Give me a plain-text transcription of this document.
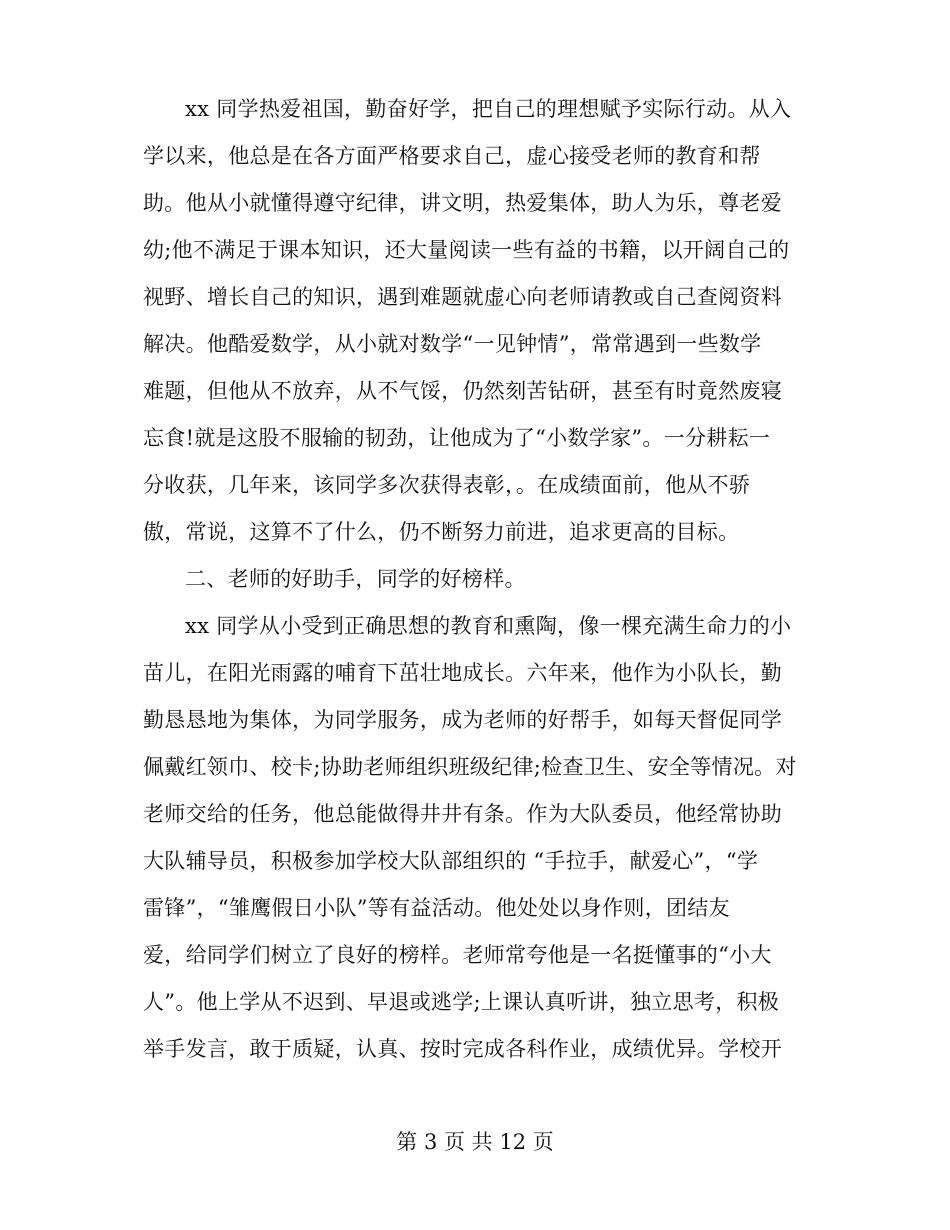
xx 同学热爱祖国，勤奋好学，把自己的理想赋予实际行动。从入
学以来，他总是在各方面严格要求自己，虚心接受老师的教育和帮
助。他从小就懂得遵守纪律，讲文明，热爱集体，助人为乐，尊老爱
幼;他不满足于课本知识，还大量阅读一些有益的书籍，以开阔自己的
视野、增长自己的知识，遇到难题就虚心向老师请教或自己查阅资料
解决。他酷爱数学，从小就对数学“一见钟情”，常常遇到一些数学
难题，但他从不放弃，从不气馁，仍然刻苦钻研，甚至有时竟然废寝
忘食!就是这股不服输的韧劲，让他成为了“小数学家”。一分耕耘一
分收获，几年来，该同学多次获得表彰，。在成绩面前，他从不骄
傲，常说，这算不了什么，仍不断努力前进，追求更高的目标。
二、老师的好助手，同学的好榜样。
xx 同学从小受到正确思想的教育和熏陶，像一棵充满生命力的小
苗儿，在阳光雨露的哺育下茁壮地成长。六年来，他作为小队长，勤
勤恳恳地为集体，为同学服务，成为老师的好帮手，如每天督促同学
佩戴红领巾、校卡;协助老师组织班级纪律;检查卫生、安全等情况。对
老师交给的任务，他总能做得井井有条。作为大队委员，他经常协助
大队辅导员，积极参加学校大队部组织的 “手拉手，献爱心”，“学
雷锋”，“雏鹰假日小队”等有益活动。他处处以身作则，团结友
爱，给同学们树立了良好的榜样。老师常夸他是一名挺懂事的“小大
人”。他上学从不迟到、早退或逃学;上课认真听讲，独立思考，积极
举手发言，敢于质疑，认真、按时完成各科作业，成绩优异。学校开
第 3 页 共 12 页
